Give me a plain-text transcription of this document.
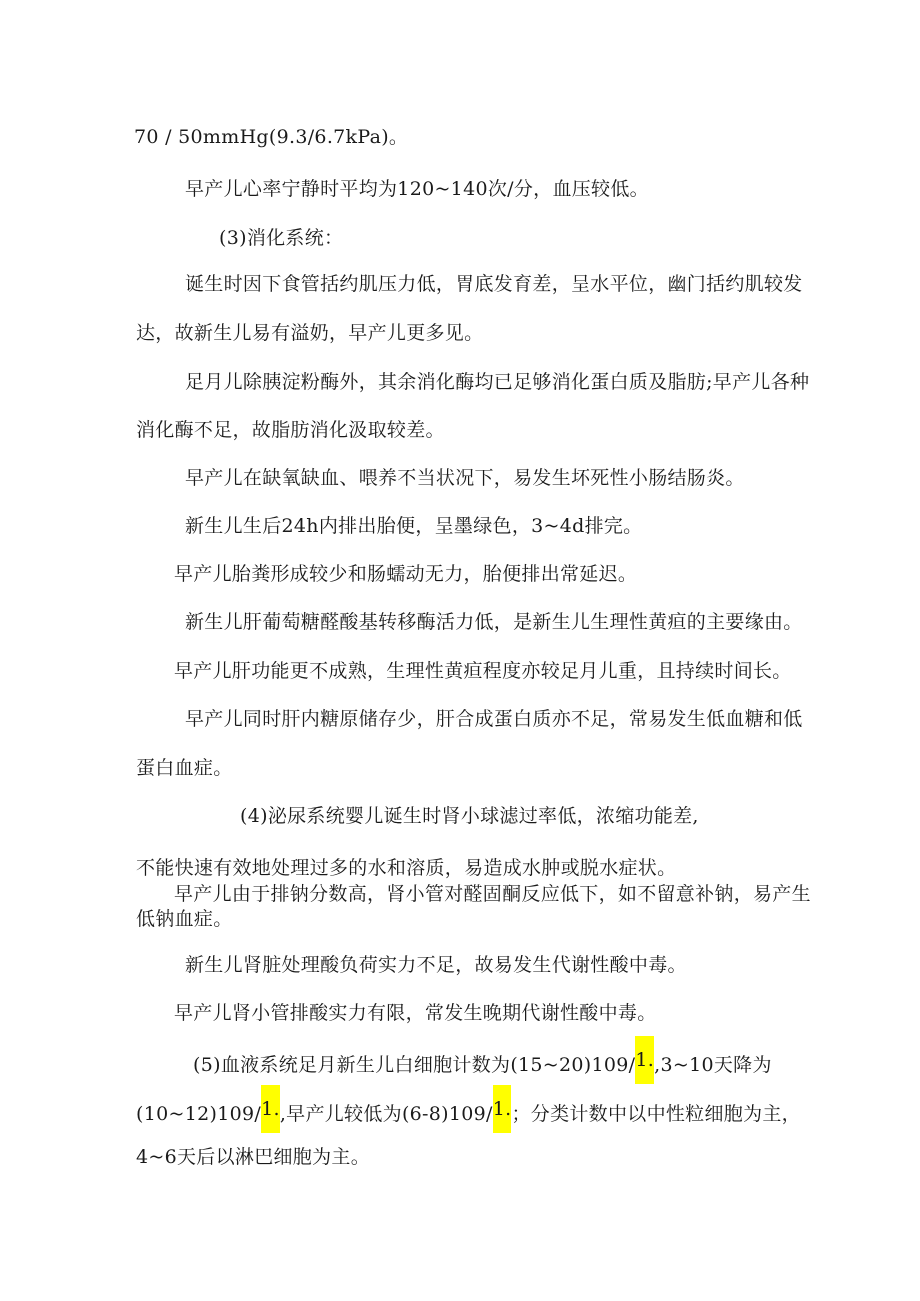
70 / 50mmHg(9.3/6.7kPa)。
早产儿心率宁静时平均为120~140次/分，血压较低。
(3)消化系统：
诞生时因下食管括约肌压力低，胃底发育差，呈水平位，幽门括约肌较发
达，故新生儿易有溢奶，早产儿更多见。
足月儿除胰淀粉酶外，其余消化酶均已足够消化蛋白质及脂肪;早产儿各种
消化酶不足，故脂肪消化汲取较差。
早产儿在缺氧缺血、喂养不当状况下，易发生坏死性小肠结肠炎。
新生儿生后24h内排出胎便，呈墨绿色，3~4d排完。
早产儿胎粪形成较少和肠蠕动无力，胎便排出常延迟。
新生儿肝葡萄糖醛酸基转移酶活力低，是新生儿生理性黄疸的主要缘由。
早产儿肝功能更不成熟，生理性黄疸程度亦较足月儿重，且持续时间长。
早产儿同时肝内糖原储存少，肝合成蛋白质亦不足，常易发生低血糖和低
蛋白血症。
(4)泌尿系统婴儿诞生时肾小球滤过率低，浓缩功能差,
不能快速有效地处理过多的水和溶质，易造成水肿或脱水症状。
早产儿由于排钠分数高，肾小管对醛固酮反应低下，如不留意补钠，易产生
低钠血症。
新生儿肾脏处理酸负荷实力不足，故易发生代谢性酸中毒。
早产儿肾小管排酸实力有限，常发生晚期代谢性酸中毒。
(5)血液系统足月新生儿白细胞计数为(15~20)109/1.,3~10天降为
(10~12)109/1.,早产儿较低为(6-8)109/1.；分类计数中以中性粒细胞为主，
4~6天后以淋巴细胞为主。
